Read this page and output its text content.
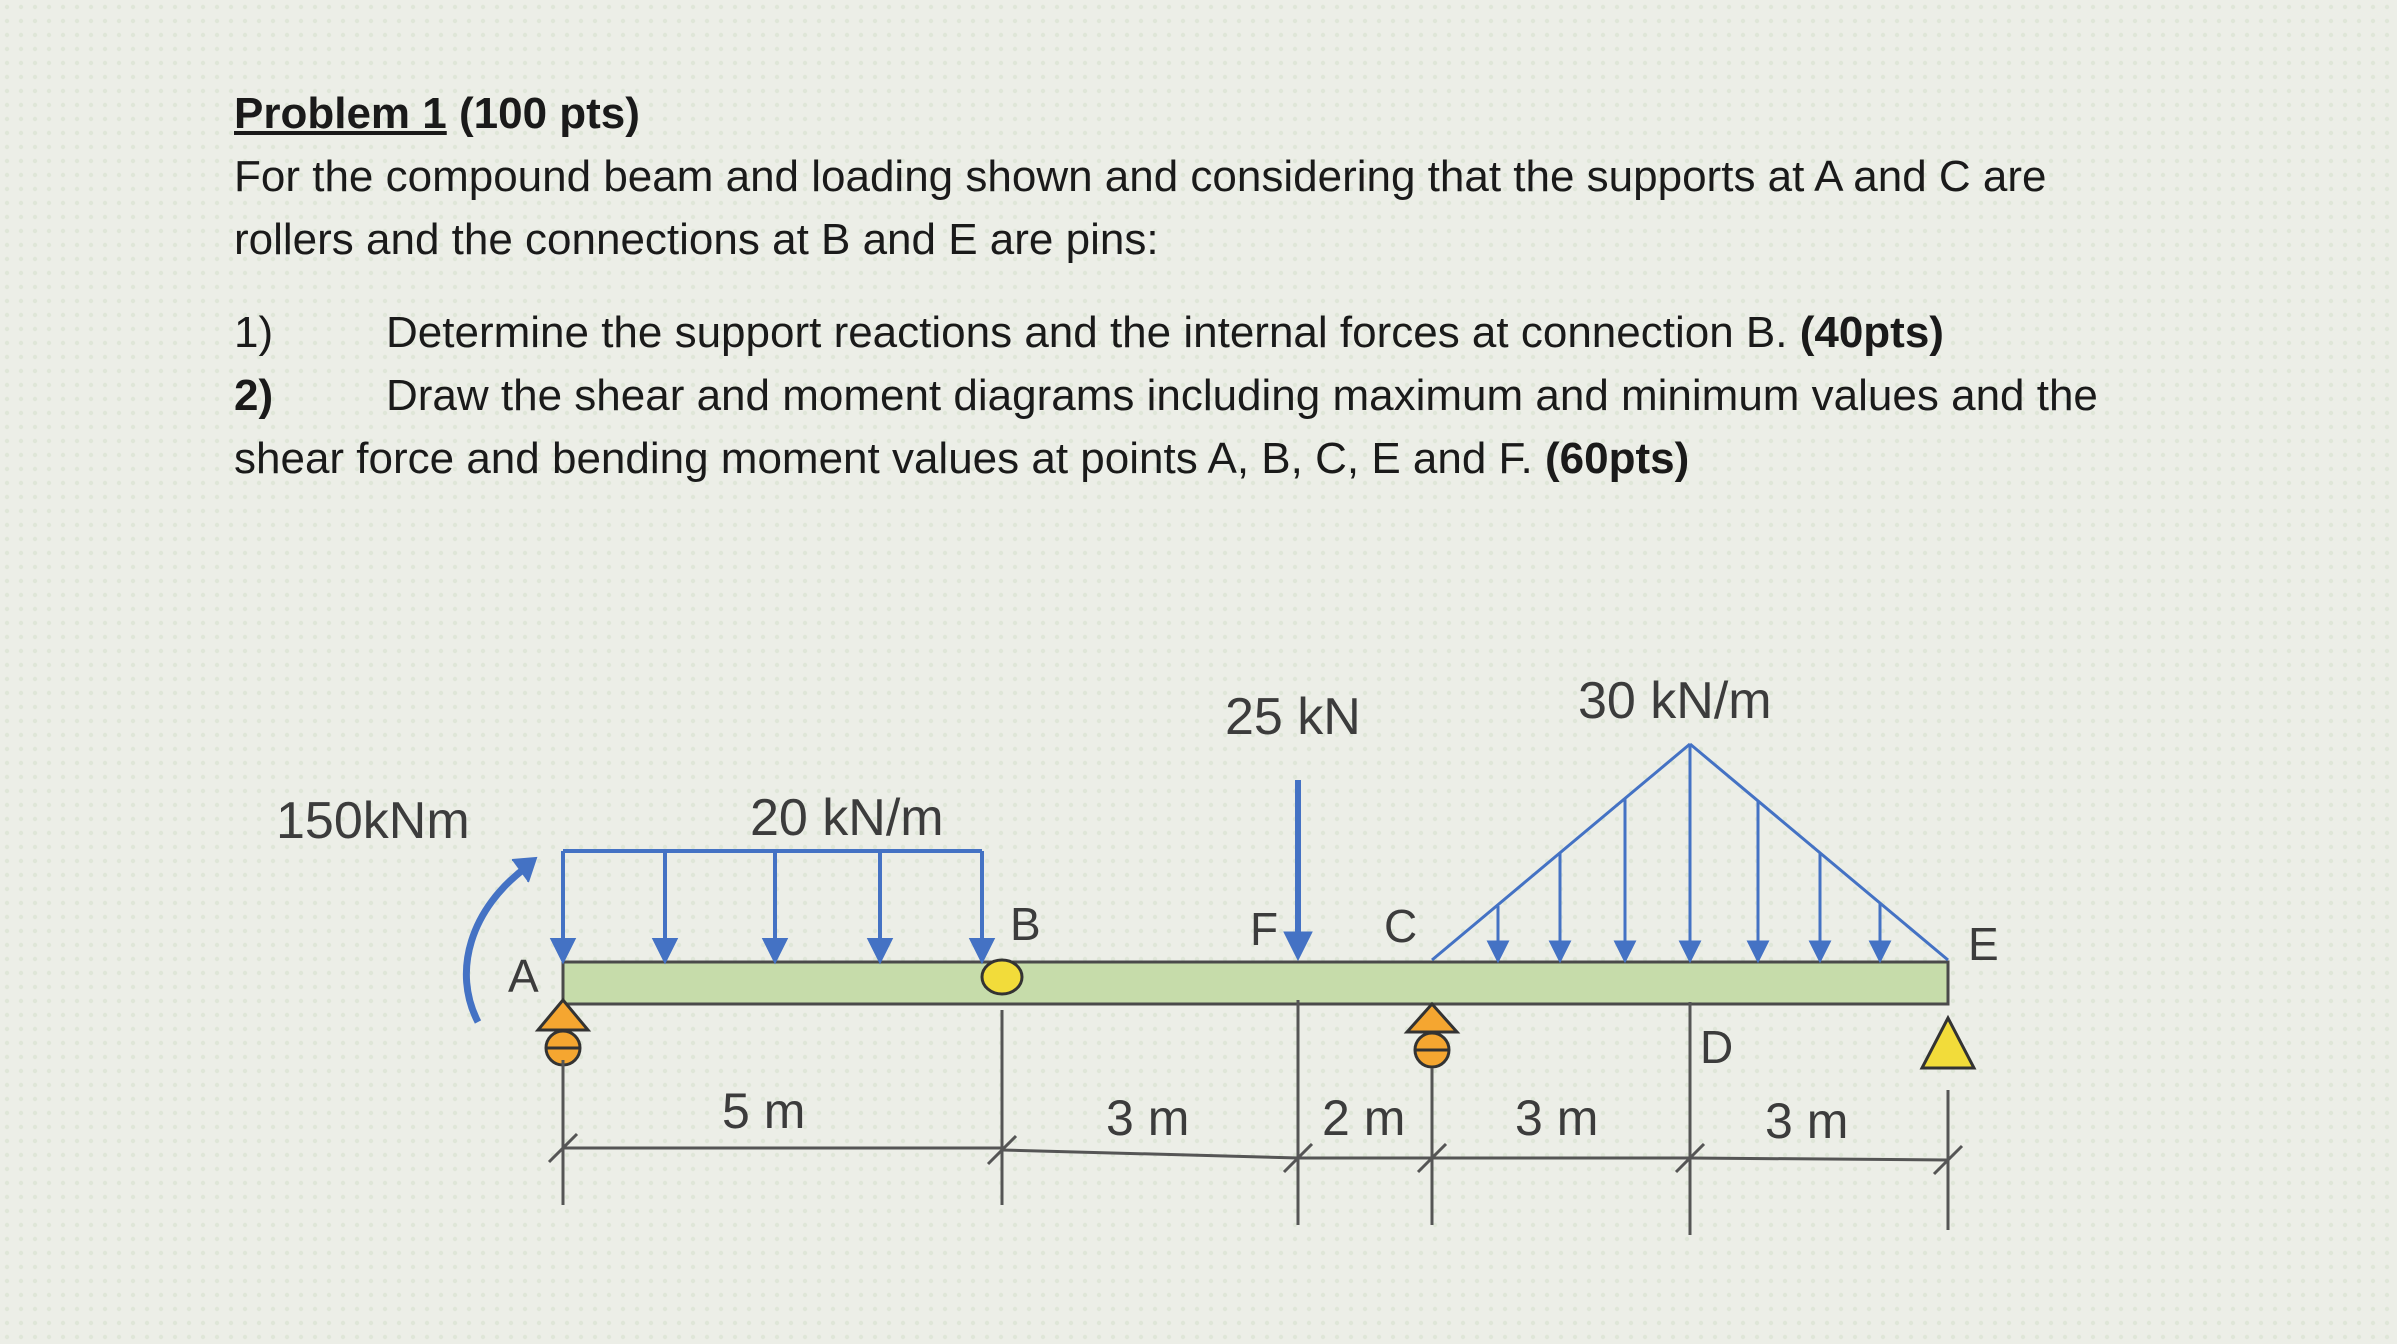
Problem 1 (100 pts)

For the compound beam and loading shown and considering that the supports at A and C are rollers and the connections at B and E are pins:

1)	Determine the support reactions and the internal forces at connection B. (40pts)

2)	Draw the shear and moment diagrams including maximum and minimum values and the shear force and bending moment values at points A, B, C, E and F. (60pts)

150kNm	20 kN/m
25 kN	30 kN/m
A
B	F C	E
D
5 m	3 m	2 m 3 m	3 m
